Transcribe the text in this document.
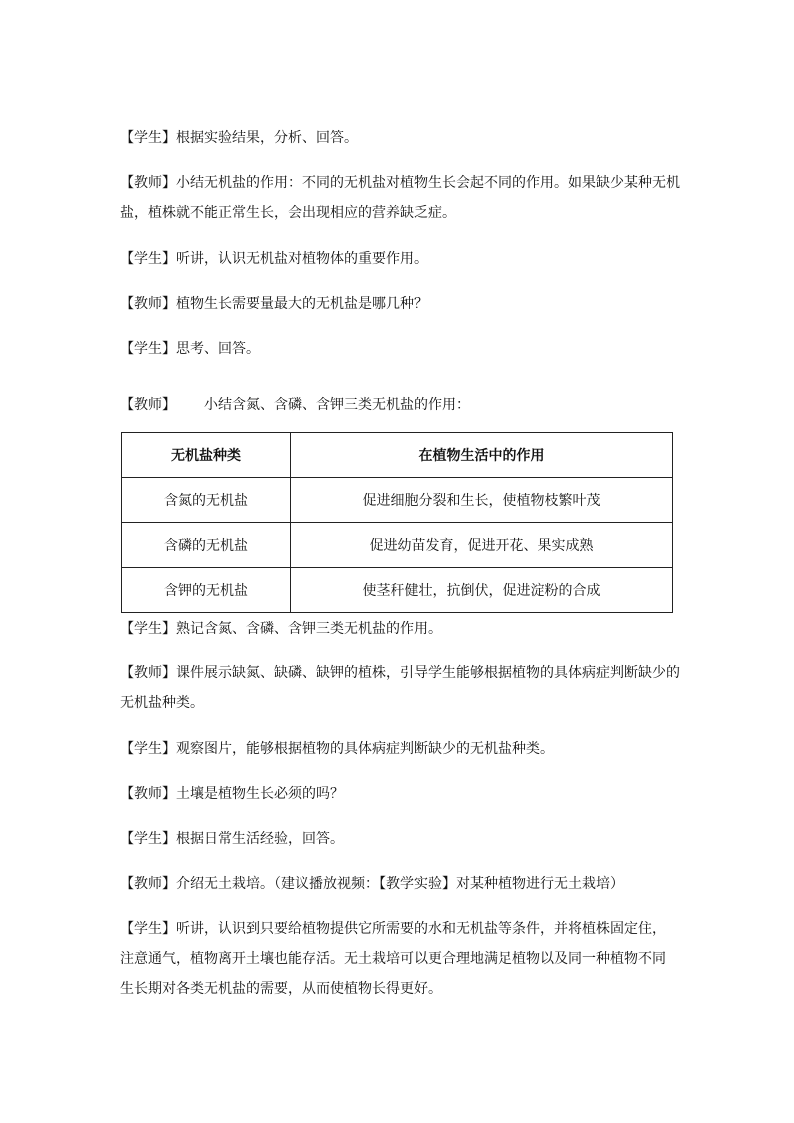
【学生】根据实验结果，分析、回答。

【教师】小结无机盐的作用：不同的无机盐对植物生长会起不同的作用。如果缺少某种无机
盐，植株就不能正常生长，会出现相应的营养缺乏症。

【学生】听讲，认识无机盐对植物体的重要作用。

【教师】植物生长需要量最大的无机盐是哪几种？

【学生】思考、回答。

【教师】 小结含氮、含磷、含钾三类无机盐的作用：

无机盐种类	在植物生活中的作用
含氮的无机盐	促进细胞分裂和生长，使植物枝繁叶茂
含磷的无机盐	促进幼苗发育，促进开花、果实成熟
含钾的无机盐	使茎秆健壮，抗倒伏，促进淀粉的合成

【学生】熟记含氮、含磷、含钾三类无机盐的作用。

【教师】课件展示缺氮、缺磷、缺钾的植株，引导学生能够根据植物的具体病症判断缺少的
无机盐种类。

【学生】观察图片，能够根据植物的具体病症判断缺少的无机盐种类。

【教师】土壤是植物生长必须的吗？

【学生】根据日常生活经验，回答。

【教师】介绍无土栽培。（建议播放视频：【教学实验】对某种植物进行无土栽培）

【学生】听讲，认识到只要给植物提供它所需要的水和无机盐等条件，并将植株固定住，
注意通气，植物离开土壤也能存活。无土栽培可以更合理地满足植物以及同一种植物不同
生长期对各类无机盐的需要，从而使植物长得更好。
